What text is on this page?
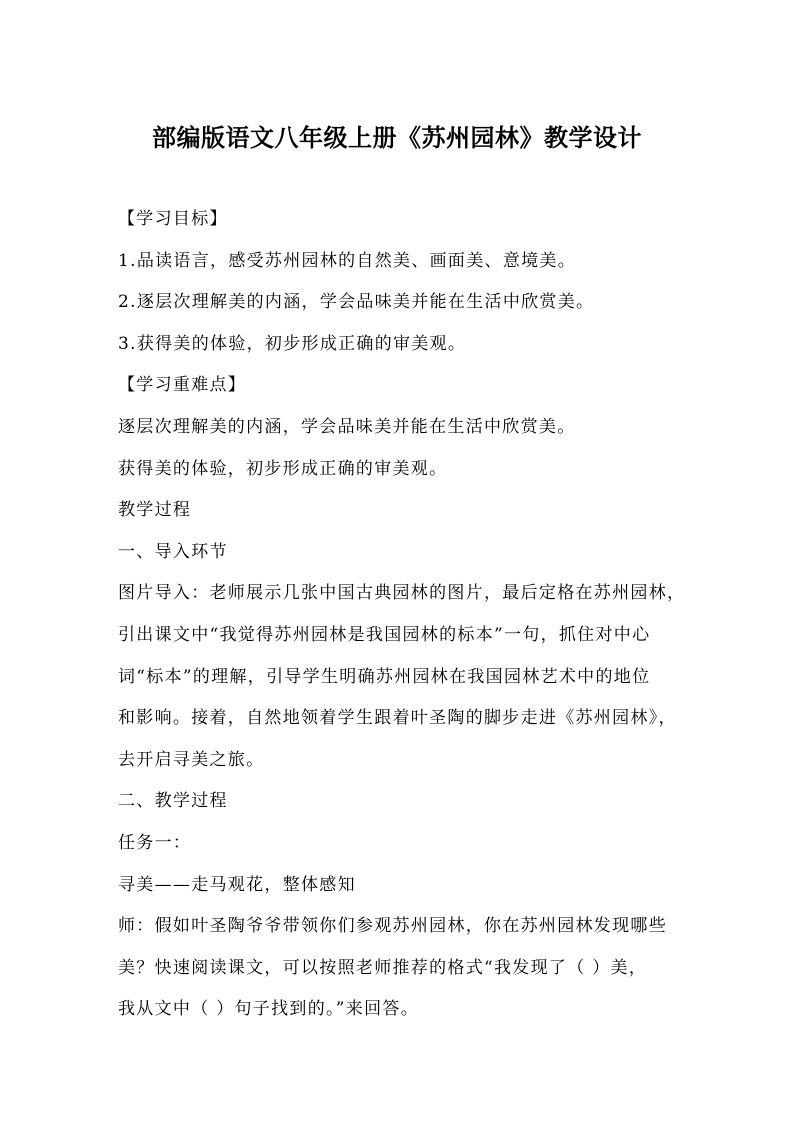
部编版语文八年级上册《苏州园林》教学设计
【学习目标】
1.品读语言，感受苏州园林的自然美、画面美、意境美。
2.逐层次理解美的内涵，学会品味美并能在生活中欣赏美。
3.获得美的体验，初步形成正确的审美观。
【学习重难点】
逐层次理解美的内涵，学会品味美并能在生活中欣赏美。
获得美的体验，初步形成正确的审美观。
教学过程
一、导入环节
图片导入：老师展示几张中国古典园林的图片，最后定格在苏州园林，
引出课文中“我觉得苏州园林是我国园林的标本”一句，抓住对中心
词“标本”的理解，引导学生明确苏州园林在我国园林艺术中的地位
和影响。接着，自然地领着学生跟着叶圣陶的脚步走进《苏州园林》，
去开启寻美之旅。
二、教学过程
任务一：
寻美——走马观花，整体感知
师：假如叶圣陶爷爷带领你们参观苏州园林，你在苏州园林发现哪些
美？快速阅读课文，可以按照老师推荐的格式“我发现了（ ）美，
我从文中（ ）句子找到的。”来回答。
